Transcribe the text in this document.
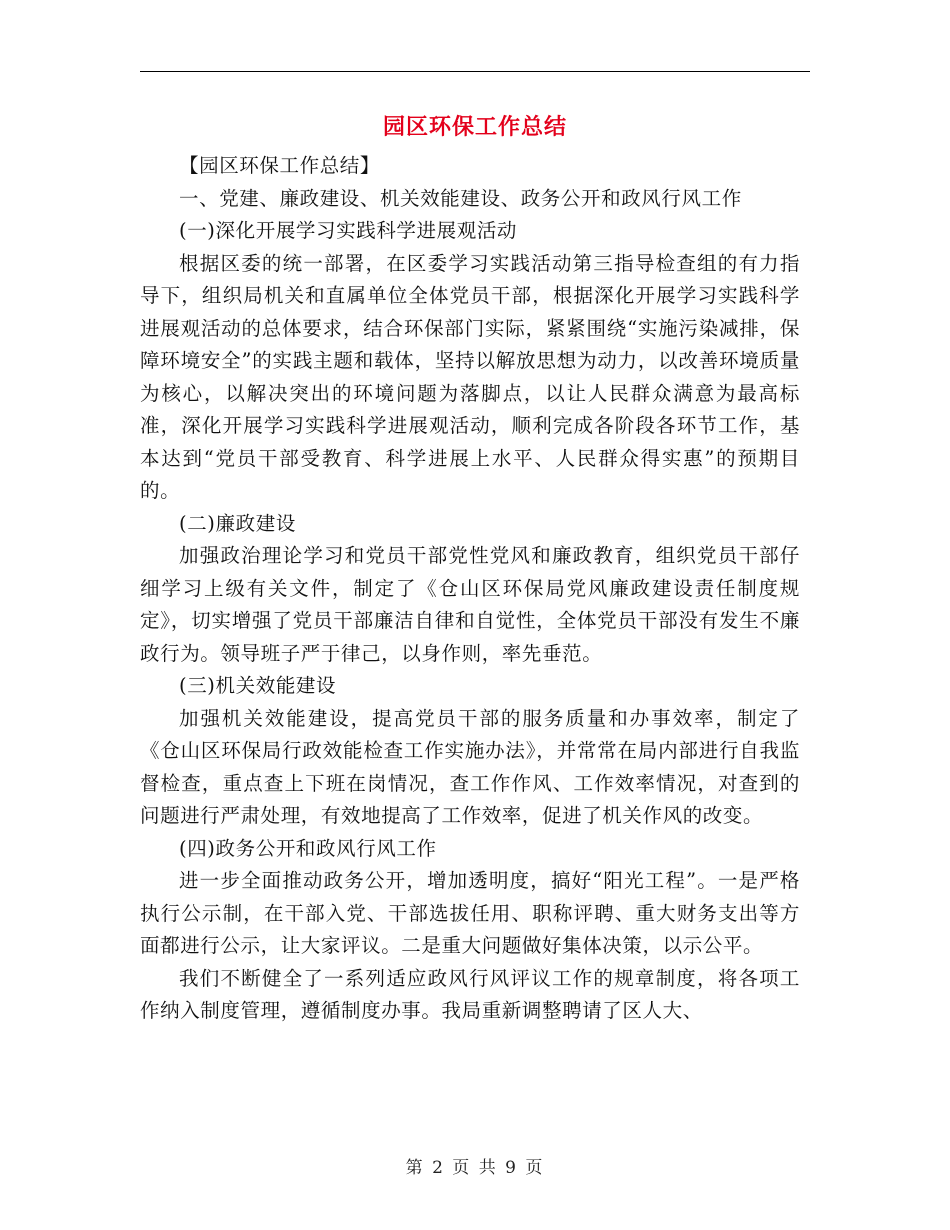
园区环保工作总结

【园区环保工作总结】

一、党建、廉政建设、机关效能建设、政务公开和政风行风工作

(一)深化开展学习实践科学进展观活动

根据区委的统一部署，在区委学习实践活动第三指导检查组的有力指导下，组织局机关和直属单位全体党员干部，根据深化开展学习实践科学进展观活动的总体要求，结合环保部门实际，紧紧围绕“实施污染减排，保障环境安全”的实践主题和载体，坚持以解放思想为动力，以改善环境质量为核心，以解决突出的环境问题为落脚点，以让人民群众满意为最高标准，深化开展学习实践科学进展观活动，顺利完成各阶段各环节工作，基本达到“党员干部受教育、科学进展上水平、人民群众得实惠”的预期目的。

(二)廉政建设

加强政治理论学习和党员干部党性党风和廉政教育，组织党员干部仔细学习上级有关文件，制定了《仓山区环保局党风廉政建设责任制度规定》，切实增强了党员干部廉洁自律和自觉性，全体党员干部没有发生不廉政行为。领导班子严于律己，以身作则，率先垂范。

(三)机关效能建设

加强机关效能建设，提高党员干部的服务质量和办事效率，制定了《仓山区环保局行政效能检查工作实施办法》，并常常在局内部进行自我监督检查，重点查上下班在岗情况，查工作作风、工作效率情况，对查到的问题进行严肃处理，有效地提高了工作效率，促进了机关作风的改变。

(四)政务公开和政风行风工作

进一步全面推动政务公开，增加透明度，搞好“阳光工程”。一是严格执行公示制，在干部入党、干部选拔任用、职称评聘、重大财务支出等方面都进行公示，让大家评议。二是重大问题做好集体决策，以示公平。

我们不断健全了一系列适应政风行风评议工作的规章制度，将各项工作纳入制度管理，遵循制度办事。我局重新调整聘请了区人大、

第 2 页 共 9 页
